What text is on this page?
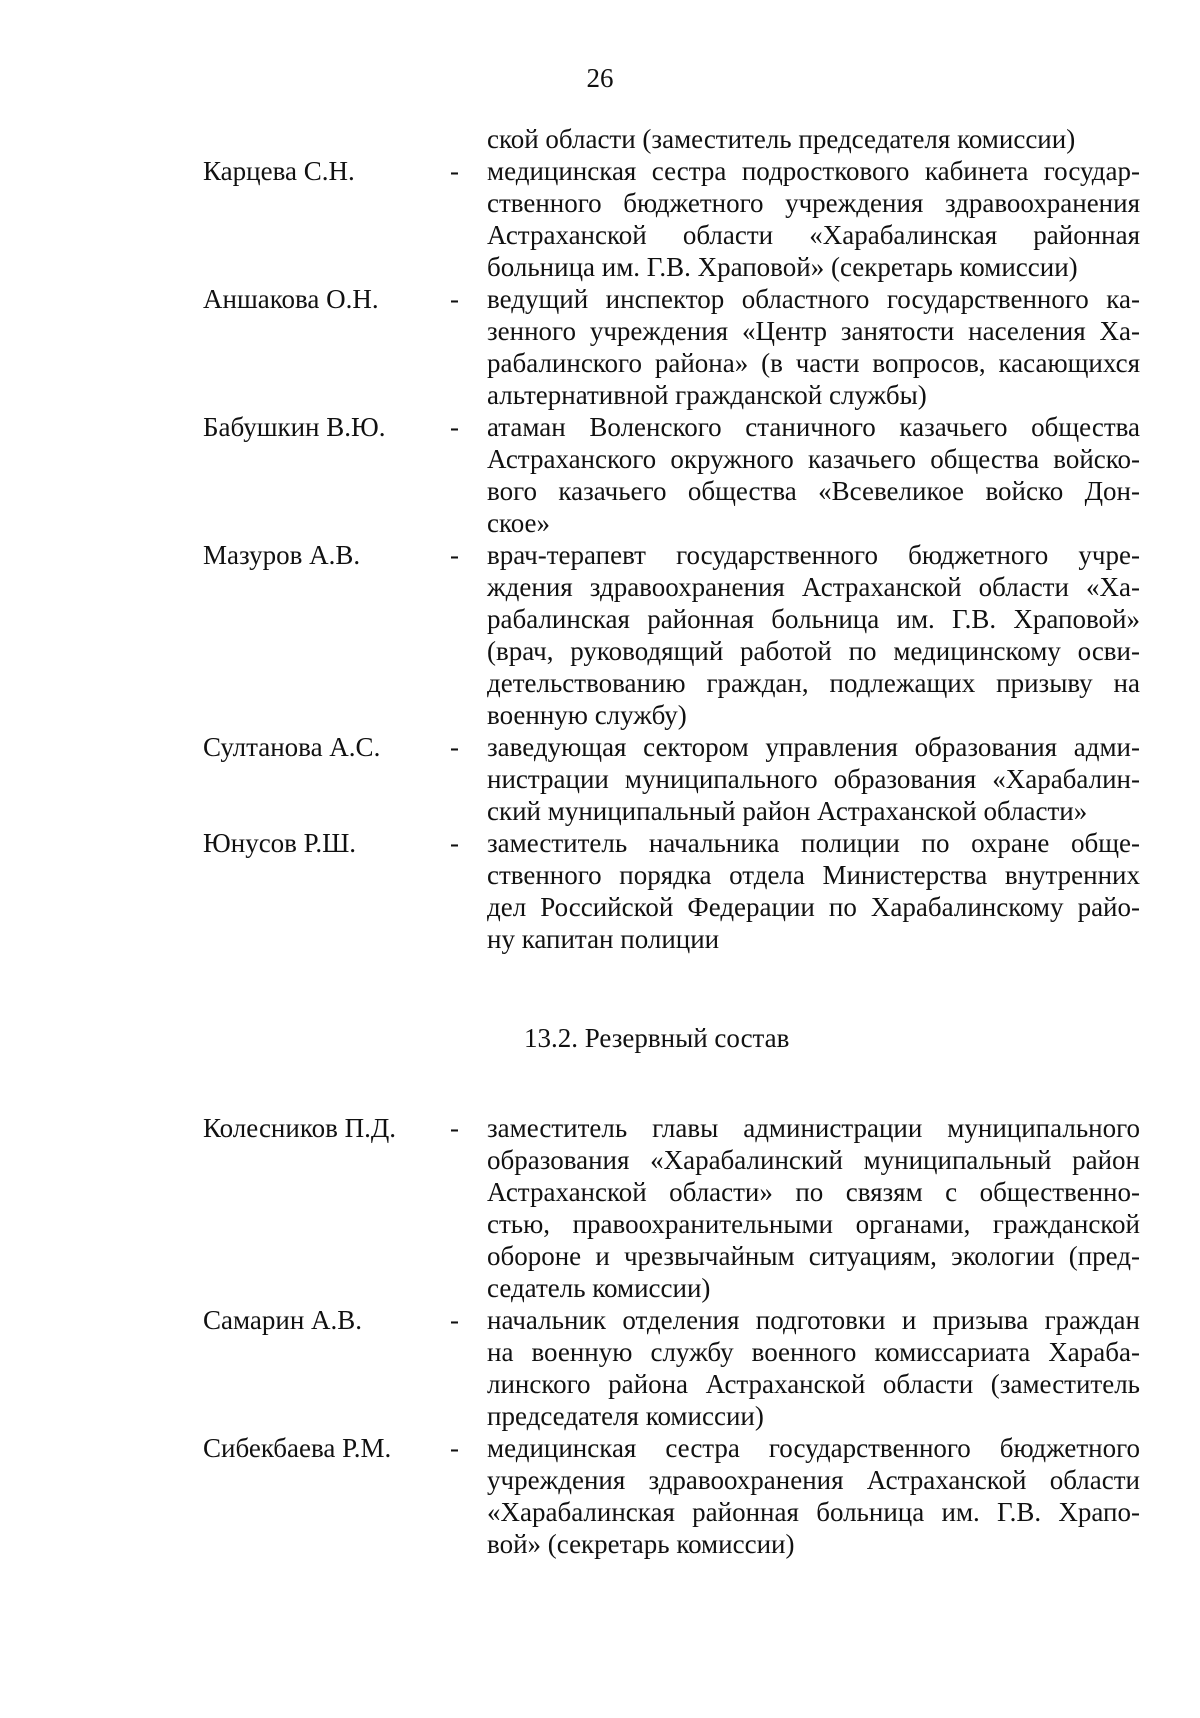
26
ской области (заместитель председателя комиссии)
Карцева С.Н.	- медицинская сестра подросткового кабинета государ-

ственного бюджетного учреждения здравоохранения

Астраханской области «Харабалинская районная

больница им. Г.В. Храповой» (секретарь комиссии)

Аншакова О.Н.	- ведущий инспектор областного государственного ка-

зенного учреждения «Центр занятости населения Ха-

рабалинского района» (в части вопросов, касающихся

альтернативной гражданской службы)

Бабушкин В.Ю. - атаман Воленского станичного казачьего общества

Астраханского окружного казачьего общества войско-

вого казачьего общества «Всевеликое войско Дон-

ское»

Мазуров А.В.	- врач-терапевт государственного бюджетного учре-

ждения здравоохранения Астраханской области «Ха-

рабалинская районная больница им. Г.В. Храповой»

(врач, руководящий работой по медицинскому осви-

детельствованию граждан, подлежащих призыву на

военную службу)

Султанова А.С.	- заведующая сектором управления образования адми-

нистрации муниципального образования «Харабалин-

ский муниципальный район Астраханской области»

Юнусов Р.Ш.	- заместитель начальника полиции по охране обще-

ственного порядка отдела Министерства внутренних

дел Российской Федерации по Харабалинскому райо-

ну капитан полиции

13.2. Резервный состав
Колесников П.Д. - заместитель главы администрации муниципального

образования «Харабалинский муниципальный район

Астраханской области» по связям с общественно-

стью, правоохранительными органами, гражданской

обороне и чрезвычайным ситуациям, экологии (пред-

седатель комиссии)

Самарин А.В.	- начальник отделения подготовки и призыва граждан

на военную службу военного комиссариата Хараба-

линского района Астраханской области (заместитель

председателя комиссии)

Сибекбаева Р.М. - медицинская сестра государственного бюджетного

учреждения здравоохранения Астраханской области

«Харабалинская районная больница им. Г.В. Храпо-

вой» (секретарь комиссии)
